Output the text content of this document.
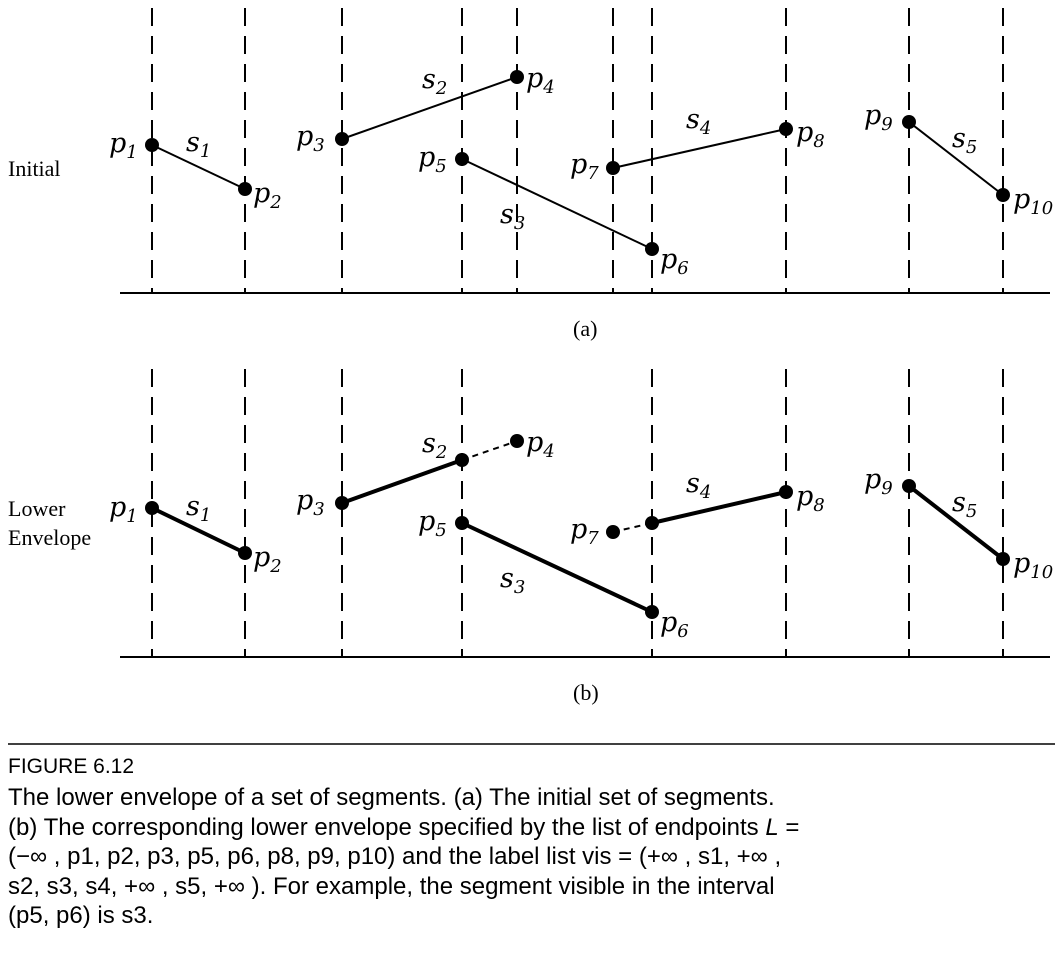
$p_1$
$p_2$
$p_3$
$p_4$
$p_5$
$p_6$
$p_7$
$p_8$
$p_9$
$p_{10}$
$s_1$
$s_2$
$s_3$
$s_4$	$s_5$
Initial
(a)
$p_1$
$p_2$
$p_3$
$p_4$
$p_5$
$p_6$
$p_7$
$p_8$
$p_9$
$p_{10}$
$s_1$
$s_2$
$s_3$
$s_4$	$s_5$
Lower
Envelope
(b)
FIGURE 6.12
The lower envelope of a set of segments. (a) The initial set of segments.
(b) The corresponding lower envelope specified by the list of endpoints L =
(−∞ , p1, p2, p3, p5, p6, p8, p9, p10) and the label list vis = (+∞ , s1, +∞ ,
s2, s3, s4, +∞ , s5, +∞ ). For example, the segment visible in the interval
(p5, p6) is s3.
